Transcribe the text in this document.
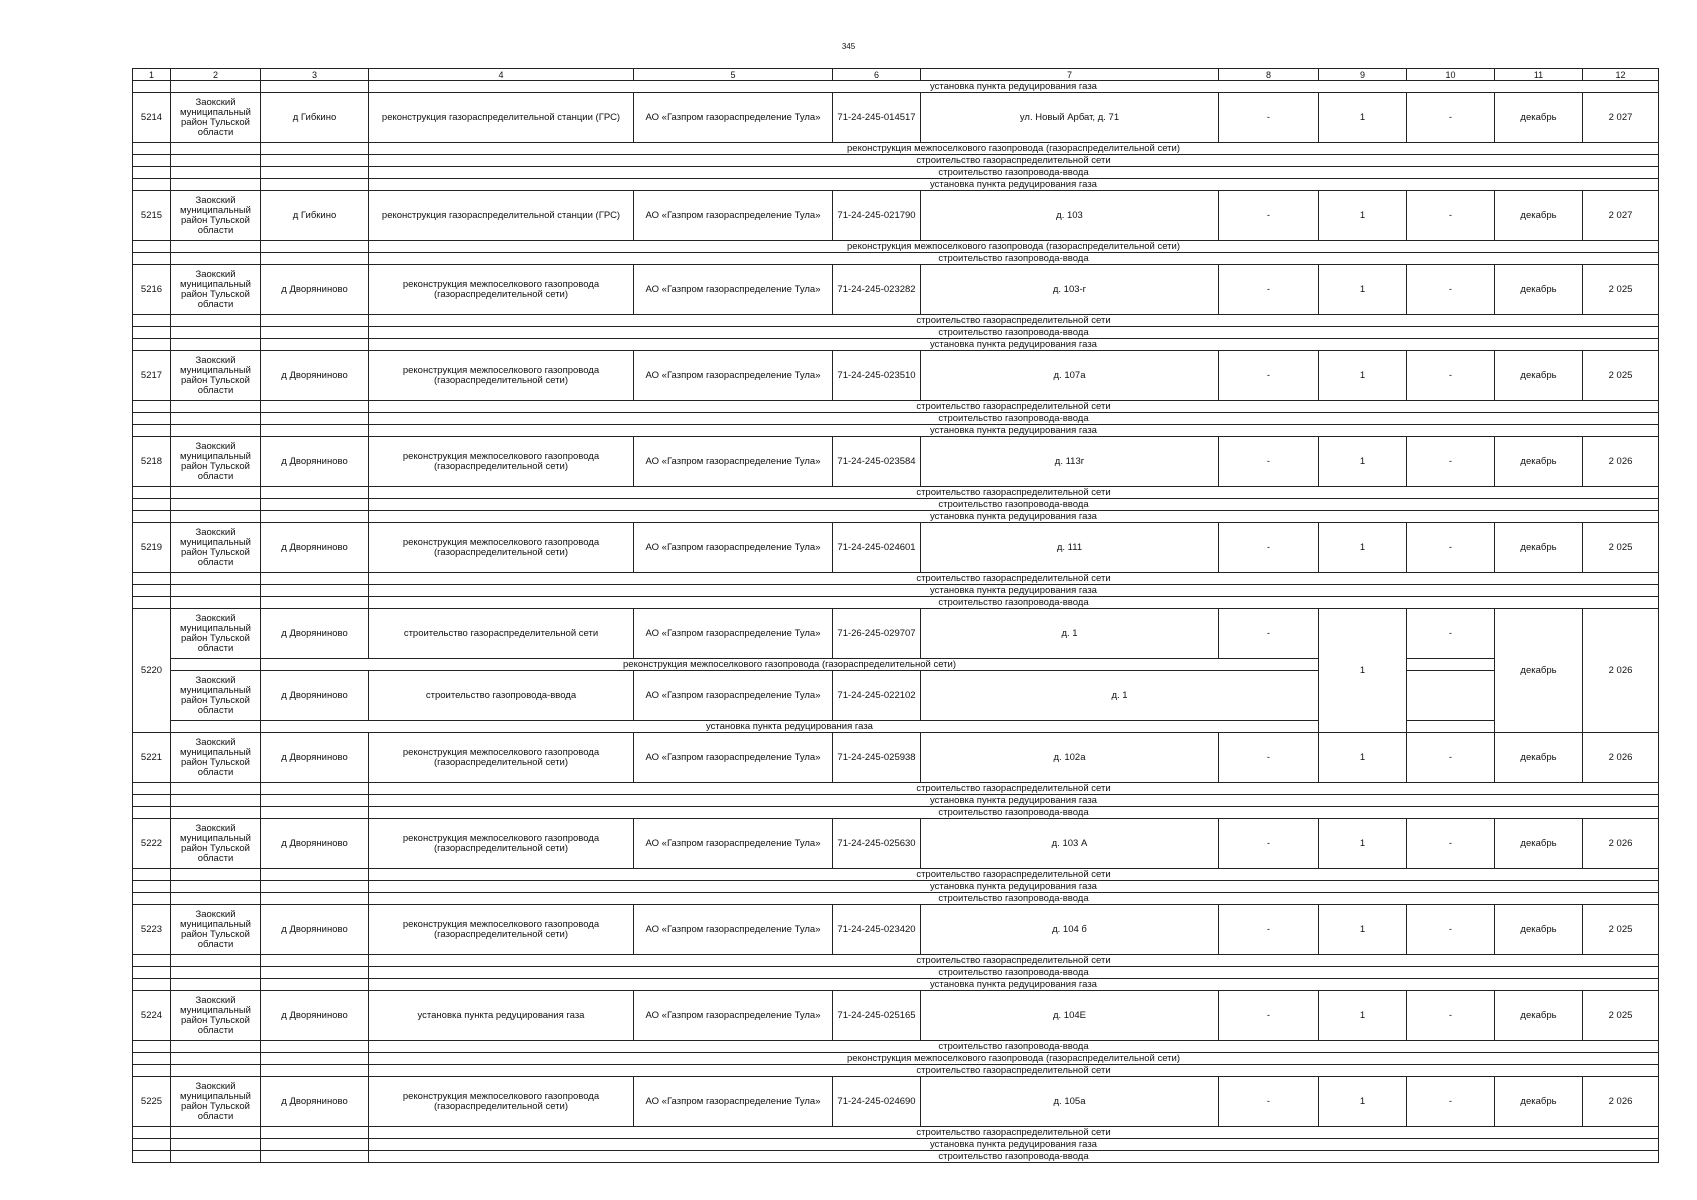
345
1	2	3	4	5	6	7	8	9	10	11	12
			установка пункта редуцирования газа								
5214	Заокский муниципальный район Тульской области	д Гибкино	реконструкция газораспределительной станции (ГРС)	АО «Газпром газораспределение Тула»	71-24-245-014517	ул. Новый Арбат, д. 71	-	1	-	декабрь	2 027
			реконструкция межпоселкового газопровода (газораспределительной сети)								
			строительство газораспределительной сети								
			строительство газопровода-ввода								
			установка пункта редуцирования газа								
5215	Заокский муниципальный район Тульской области	д Гибкино	реконструкция газораспределительной станции (ГРС)	АО «Газпром газораспределение Тула»	71-24-245-021790	д. 103	-	1	-	декабрь	2 027
			реконструкция межпоселкового газопровода (газораспределительной сети)								
			строительство газопровода-ввода								
5216	Заокский муниципальный район Тульской области	д Дворяниново	реконструкция межпоселкового газопровода (газораспределительной сети)	АО «Газпром газораспределение Тула»	71-24-245-023282	д. 103-г	-	1	-	декабрь	2 025
			строительство газораспределительной сети								
			строительство газопровода-ввода								
			установка пункта редуцирования газа								
5217	Заокский муниципальный район Тульской области	д Дворяниново	реконструкция межпоселкового газопровода (газораспределительной сети)	АО «Газпром газораспределение Тула»	71-24-245-023510	д. 107а	-	1	-	декабрь	2 025
			строительство газораспределительной сети								
			строительство газопровода-ввода								
			установка пункта редуцирования газа								
5218	Заокский муниципальный район Тульской области	д Дворяниново	реконструкция межпоселкового газопровода (газораспределительной сети)	АО «Газпром газораспределение Тула»	71-24-245-023584	д. 113г	-	1	-	декабрь	2 026
			строительство газораспределительной сети								
			строительство газопровода-ввода								
			установка пункта редуцирования газа								
5219	Заокский муниципальный район Тульской области	д Дворяниново	реконструкция межпоселкового газопровода (газораспределительной сети)	АО «Газпром газораспределение Тула»	71-24-245-024601	д. 111	-	1	-	декабрь	2 025
			строительство газораспределительной сети								
			установка пункта редуцирования газа								
			строительство газопровода-ввода								
5220	Заокский муниципальный район Тульской области	д Дворяниново	строительство газораспределительной сети	АО «Газпром газораспределение Тула»	71-26-245-029707	д. 1	-	1	-	декабрь	2 026
		реконструкция межпоселкового газопровода (газораспределительной сети)									
	Заокский муниципальный район Тульской области	д Дворяниново	строительство газопровода-ввода	АО «Газпром газораспределение Тула»	71-24-245-022102	д. 1					
		установка пункта редуцирования газа									
5221	Заокский муниципальный район Тульской области	д Дворяниново	реконструкция межпоселкового газопровода (газораспределительной сети)	АО «Газпром газораспределение Тула»	71-24-245-025938	д. 102а	-	1	-	декабрь	2 026
			строительство газораспределительной сети								
			установка пункта редуцирования газа								
			строительство газопровода-ввода								
5222	Заокский муниципальный район Тульской области	д Дворяниново	реконструкция межпоселкового газопровода (газораспределительной сети)	АО «Газпром газораспределение Тула»	71-24-245-025630	д. 103 А	-	1	-	декабрь	2 026
			строительство газораспределительной сети								
			установка пункта редуцирования газа								
			строительство газопровода-ввода								
5223	Заокский муниципальный район Тульской области	д Дворяниново	реконструкция межпоселкового газопровода (газораспределительной сети)	АО «Газпром газораспределение Тула»	71-24-245-023420	д. 104 б	-	1	-	декабрь	2 025
			строительство газораспределительной сети								
			строительство газопровода-ввода								
			установка пункта редуцирования газа								
5224	Заокский муниципальный район Тульской области	д Дворяниново	установка пункта редуцирования газа	АО «Газпром газораспределение Тула»	71-24-245-025165	д. 104Е	-	1	-	декабрь	2 025
			строительство газопровода-ввода								
			реконструкция межпоселкового газопровода (газораспределительной сети)								
			строительство газораспределительной сети								
5225	Заокский муниципальный район Тульской области	д Дворяниново	реконструкция межпоселкового газопровода (газораспределительной сети)	АО «Газпром газораспределение Тула»	71-24-245-024690	д. 105а	-	1	-	декабрь	2 026
			строительство газораспределительной сети								
			установка пункта редуцирования газа								
			строительство газопровода-ввода								
